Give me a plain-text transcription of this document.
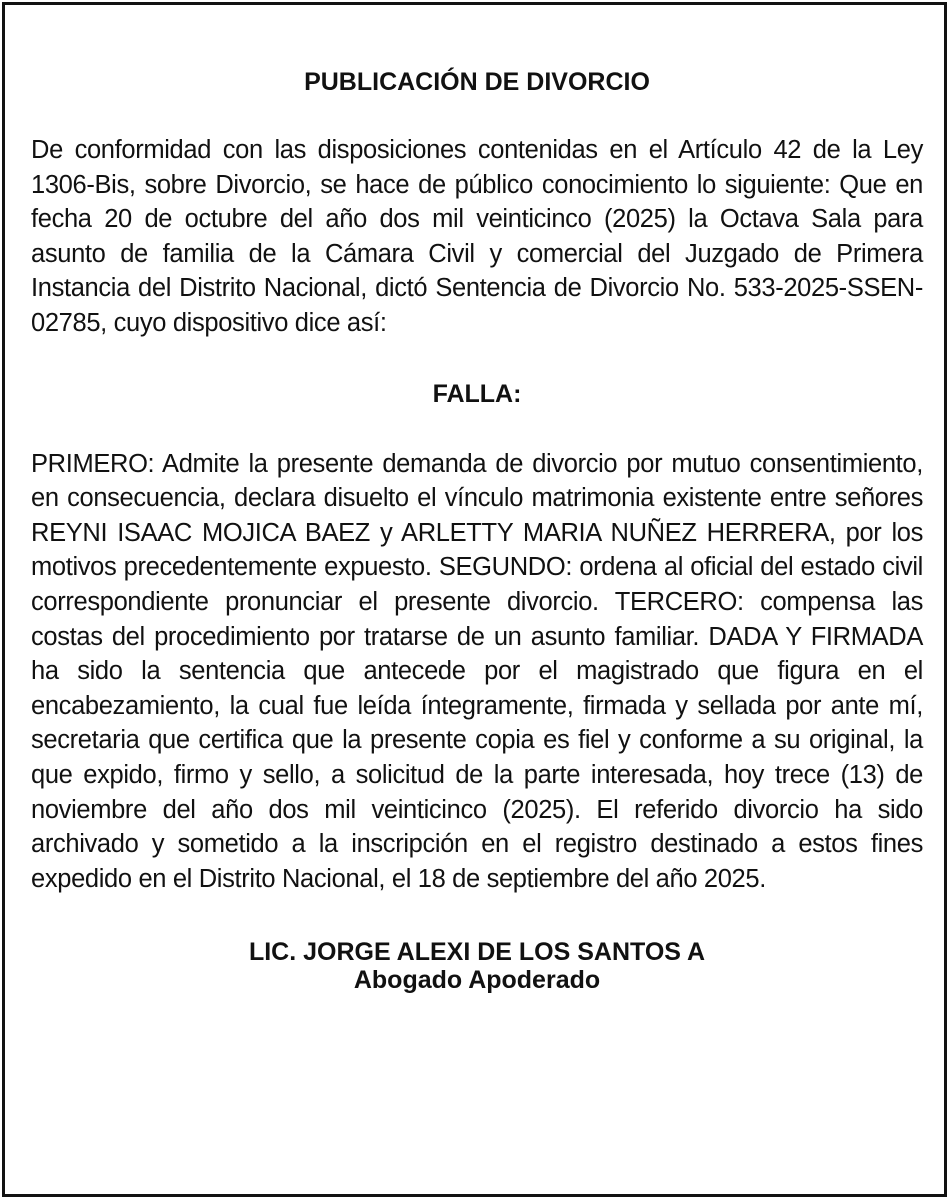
PUBLICACIÓN DE DIVORCIO

De conformidad con las disposiciones contenidas en el Artículo 42 de la Ley 1306-Bis, sobre Divorcio, se hace de público conocimiento lo siguiente: Que en fecha 20 de octubre del año dos mil veinticinco (2025) la Octava Sala para asunto de familia de la Cámara Civil y comercial del Juzgado de Primera Instancia del Distrito Nacional, dictó Sentencia de Divorcio No. 533-2025-SSEN-02785, cuyo dispositivo dice así:

FALLA:

PRIMERO: Admite la presente demanda de divorcio por mutuo consentimiento, en consecuencia, declara disuelto el vínculo matrimonia existente entre señores REYNI ISAAC MOJICA BAEZ y ARLETTY MARIA NUÑEZ HERRERA, por los motivos precedentemente expuesto. SEGUNDO: ordena al oficial del estado civil correspondiente pronunciar el presente divorcio. TERCERO: compensa las costas del procedimiento por tratarse de un asunto familiar. DADA Y FIRMADA ha sido la sentencia que antecede por el magistrado que figura en el encabezamiento, la cual fue leída íntegramente, firmada y sellada por ante mí, secretaria que certifica que la presente copia es fiel y conforme a su original, la que expido, firmo y sello, a solicitud de la parte interesada, hoy trece (13) de noviembre del año dos mil veinticinco (2025). El referido divorcio ha sido archivado y sometido a la inscripción en el registro destinado a estos fines expedido en el Distrito Nacional, el 18 de septiembre del año 2025.

LIC. JORGE ALEXI DE LOS SANTOS A
Abogado Apoderado
